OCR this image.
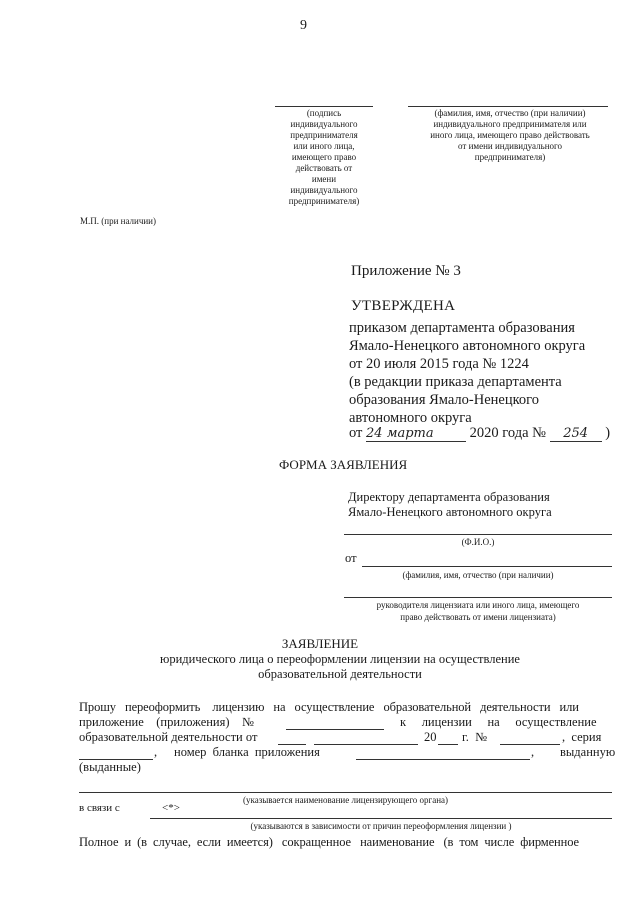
9
(подпись
индивидуального
предпринимателя
или иного лица,
имеющего право
действовать от
имени
индивидуального
предпринимателя)
(фамилия, имя, отчество (при наличии)
индивидуального предпринимателя или
иного лица, имеющего право действовать
от имени индивидуального
предпринимателя)
М.П. (при наличии)
Приложение № 3
УТВЕРЖДЕНА
приказом департамента образования
Ямало-Ненецкого автономного округа
от 20 июля 2015 года № 1224
(в редакции приказа департамента
образования Ямало-Ненецкого
автономного округа
от 24 марта 2020 года № 254 )
ФОРМА ЗАЯВЛЕНИЯ
Директору департамента образования
Ямало-Ненецкого автономного округа
(Ф.И.О.)
от
(фамилия, имя, отчество (при наличии)
руководителя лицензиата или иного лица, имеющего
право действовать от имени лицензиата)
ЗАЯВЛЕНИЕ
юридического лица о переоформлении лицензии на осуществление
образовательной деятельности
Прошу   переоформить    лицензию   на   осуществление   образовательной   деятельности   или
приложение    (приложения)    №	к     лицензии     на     осуществление
образовательной деятельности от	20 г.  №	,  серия
, номер  бланка  приложения	, выданную
(выданные)
(указывается наименование лицензирующего органа)
в связи с	<*>
(указываются в зависимости от причин переоформления лицензии )
Полное  и  (в  случае,  если  имеется)   сокращенное   наименование   (в  том  числе  фирменное
